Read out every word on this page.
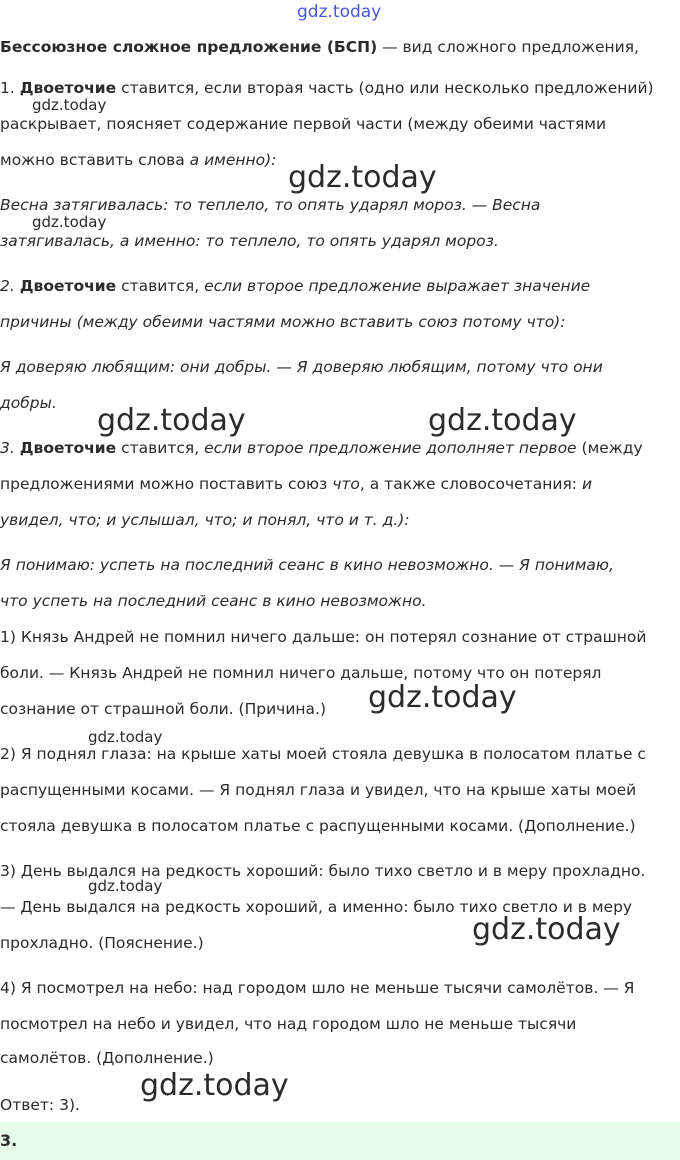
gdz.today
gdz.today
gdz.today
gdz.today
gdz.today	gdz.today
gdz.today
gdz.today
gdz.today
gdz.today
gdz.today
Бессоюзное сложное предложение (БСП) — вид сложного предложения,
1. Двоеточие ставится, если вторая часть (одно или несколько предложений)
раскрывает, поясняет содержание первой части (между обеими частями
можно вставить слова а именно):
Весна затягивалась: то теплело, то опять ударял мороз. — Весна
затягивалась, а именно: то теплело, то опять ударял мороз.
2. Двоеточие ставится, если второе предложение выражает значение
причины (между обеими частями можно вставить союз потому что):
Я доверяю любящим: они добры. — Я доверяю любящим, потому что они
добры.
3. Двоеточие ставится, если второе предложение дополняет первое (между
предложениями можно поставить союз что, а также словосочетания: и
увидел, что; и услышал, что; и понял, что и т. д.):
Я понимаю: успеть на последний сеанс в кино невозможно. — Я понимаю,
что успеть на последний сеанс в кино невозможно.
1) Князь Андрей не помнил ничего дальше: он потерял сознание от страшной
боли. — Князь Андрей не помнил ничего дальше, потому что он потерял
сознание от страшной боли. (Причина.)
2) Я поднял глаза: на крыше хаты моей стояла девушка в полосатом платье с
распущенными косами. — Я поднял глаза и увидел, что на крыше хаты моей
стояла девушка в полосатом платье с распущенными косами. (Дополнение.)
3) День выдался на редкость хороший: было тихо светло и в меру прохладно.
— День выдался на редкость хороший, а именно: было тихо светло и в меру
прохладно. (Пояснение.)
4) Я посмотрел на небо: над городом шло не меньше тысячи самолётов. — Я
посмотрел на небо и увидел, что над городом шло не меньше тысячи
самолётов. (Дополнение.)
Ответ: 3).
3.
